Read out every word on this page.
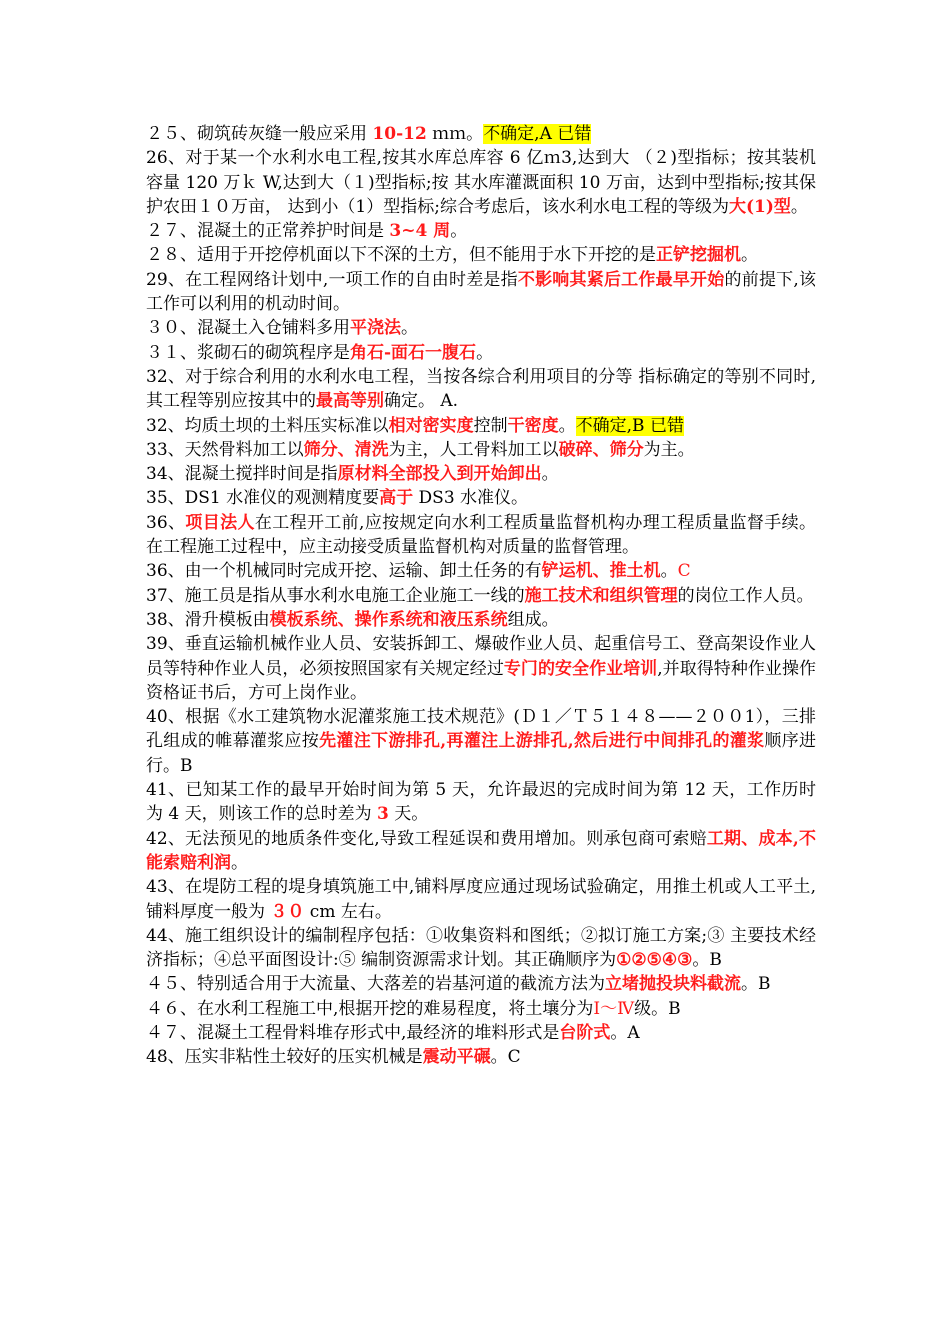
２５、砌筑砖灰缝一般应采用 10-12 ｍｍ。不确定,A 已错

26、对于某一个水利水电工程,按其水库总库容 6 亿ｍ3,达到大 （２)型指标；按其装机容量 120 万ｋ W,达到大（１)型指标;按 其水库灌溉面积 10 万亩，达到中型指标;按其保护农田１０万亩， 达到小（1）型指标;综合考虑后，该水利水电工程的等级为大(1)型。

２７、混凝土的正常养护时间是 3~4 周。

２８、适用于开挖停机面以下不深的土方，但不能用于水下开挖的是正铲挖掘机。

29、在工程网络计划中,一项工作的自由时差是指不影响其紧后工作最早开始的前提下,该工作可以利用的机动时间。

３０、混凝土入仓铺料多用平浇法。

３１、浆砌石的砌筑程序是角石-面石一腹石。

32、对于综合利用的水利水电工程，当按各综合利用项目的分等 指标确定的等别不同时,其工程等别应按其中的最高等别确定。 A.

32、均质土坝的土料压实标准以相对密实度控制干密度。不确定,B 已错

33、天然骨料加工以筛分、清洗为主，人工骨料加工以破碎、筛分为主。

34、混凝土搅拌时间是指原材料全部投入到开始卸出。

35、DS1 水准仪的观测精度要高于 DS3 水准仪。

36、项目法人在工程开工前,应按规定向水利工程质量监督机构办理工程质量监督手续。在工程施工过程中，应主动接受质量监督机构对质量的监督管理。

36、由一个机械同时完成开挖、运输、卸土任务的有铲运机、推土机。C

37、施工员是指从事水利水电施工企业施工一线的施工技术和组织管理的岗位工作人员。

38、滑升模板由模板系统、操作系统和液压系统组成。

39、垂直运输机械作业人员、安装拆卸工、爆破作业人员、起重信号工、登高架设作业人员等特种作业人员，必须按照国家有关规定经过专门的安全作业培训,并取得特种作业操作资格证书后，方可上岗作业。

40、根据《水工建筑物水泥灌浆施工技术规范》(Ｄ１／Ｔ５１４８——２００1），三排孔组成的帷幕灌浆应按先灌注下游排孔,再灌注上游排孔,然后进行中间排孔的灌浆顺序进行。B

41、已知某工作的最早开始时间为第 5 天，允许最迟的完成时间为第 12 天，工作历时为 4 天，则该工作的总时差为 3 天。

42、无法预见的地质条件变化,导致工程延误和费用增加。则承包商可索赔工期、成本,不能索赔利润。

43、在堤防工程的堤身填筑施工中,铺料厚度应通过现场试验确定，用推土机或人工平土,铺料厚度一般为 ３０ cm 左右。

44、施工组织设计的编制程序包括：①收集资料和图纸；②拟订施工方案;③ 主要技术经济指标；④总平面图设计:⑤ 编制资源需求计划。其正确顺序为①②⑤④③。B

４５、特别适合用于大流量、大落差的岩基河道的截流方法为立堵抛投块料截流。B

４６、在水利工程施工中,根据开挖的难易程度，将土壤分为Ⅰ～Ⅳ级。B

４７、混凝土工程骨料堆存形式中,最经济的堆料形式是台阶式。A

48、压实非粘性土较好的压实机械是震动平碾。C
